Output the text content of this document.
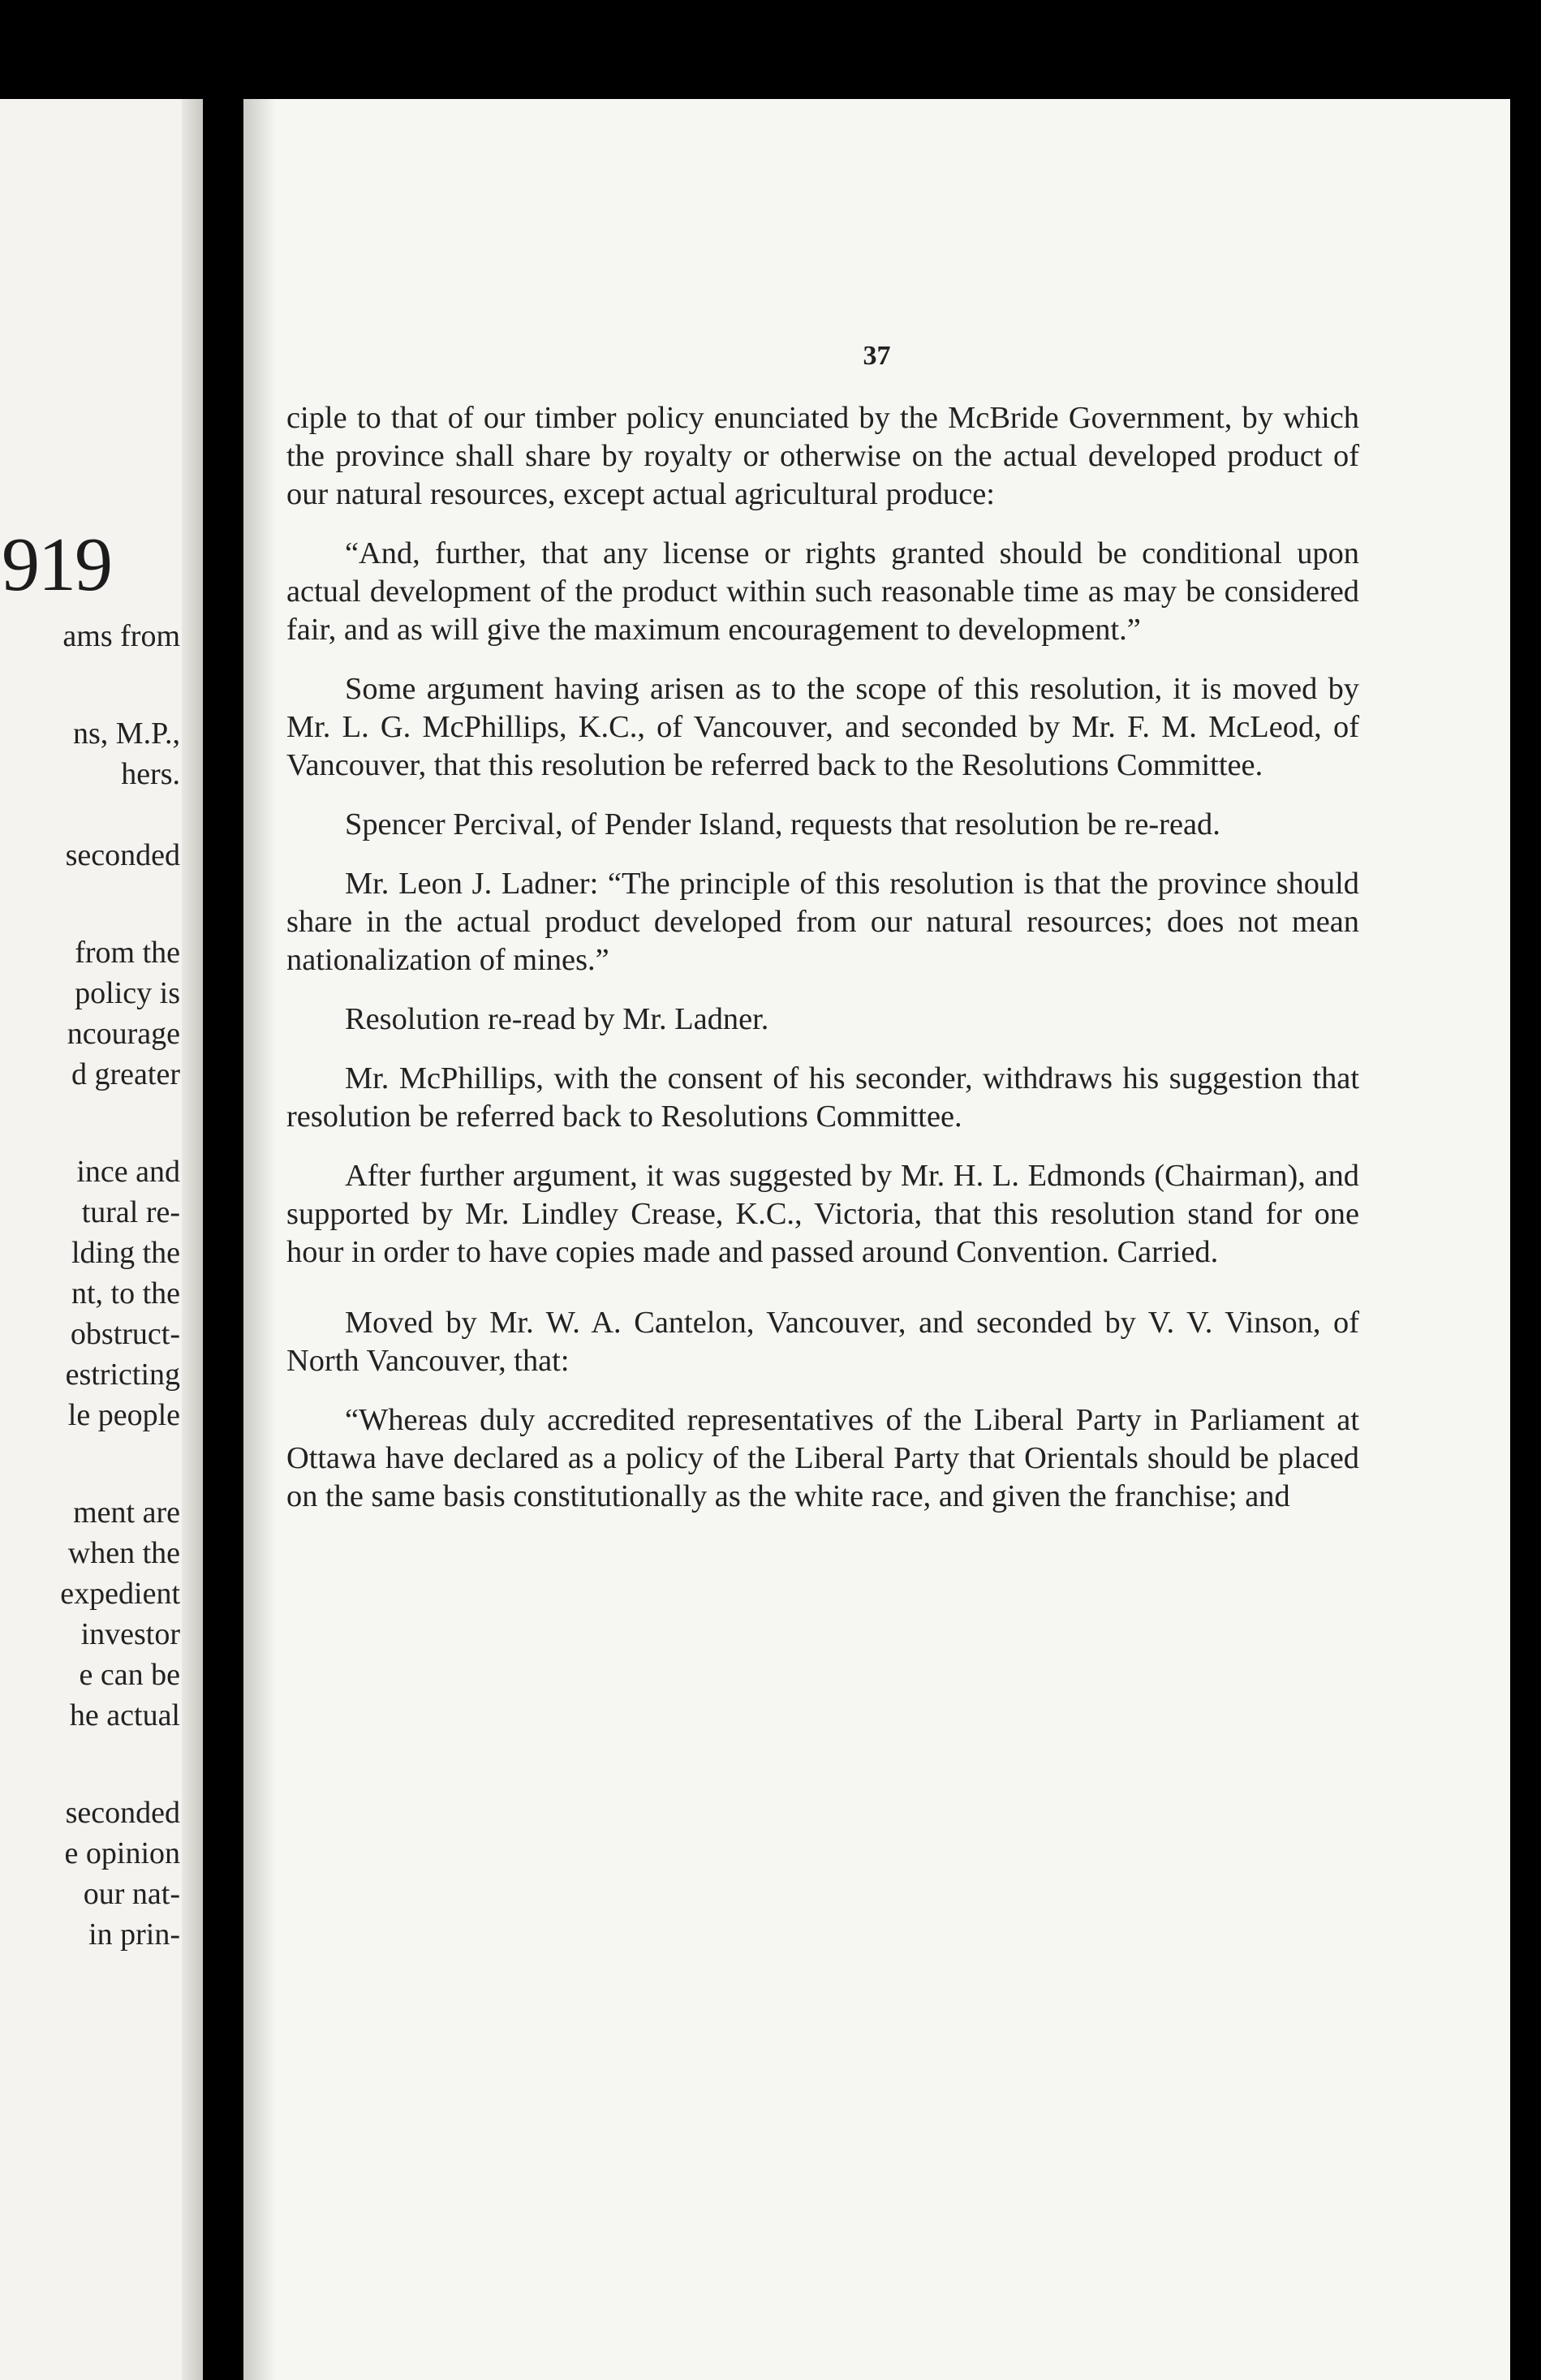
919
ams from
ns, M.P.,
hers.
seconded
from the
policy is
ncourage
d greater
ince and
tural re-
lding the
nt, to the
obstruct-
estricting
le people
ment are
when the
expedient
investor
e can be
he actual
seconded
e opinion
our nat-
in prin-

37

ciple to that of our timber policy enunciated by the McBride Government, by which the province shall share by royalty or otherwise on the actual developed product of our natural resources, except actual agricultural produce:

“And, further, that any license or rights granted should be conditional upon actual development of the product within such reasonable time as may be considered fair, and as will give the maximum encouragement to development.”

Some argument having arisen as to the scope of this resolution, it is moved by Mr. L. G. McPhillips, K.C., of Vancouver, and seconded by Mr. F. M. McLeod, of Vancouver, that this resolution be referred back to the Resolutions Committee.

Spencer Percival, of Pender Island, requests that resolution be re-read.

Mr. Leon J. Ladner: “The principle of this resolution is that the province should share in the actual product developed from our natural resources; does not mean nationalization of mines.”

Resolution re-read by Mr. Ladner.

Mr. McPhillips, with the consent of his seconder, withdraws his suggestion that resolution be referred back to Resolutions Committee.

After further argument, it was suggested by Mr. H. L. Edmonds (Chairman), and supported by Mr. Lindley Crease, K.C., Victoria, that this resolution stand for one hour in order to have copies made and passed around Convention. Carried.

Moved by Mr. W. A. Cantelon, Vancouver, and seconded by V. V. Vinson, of North Vancouver, that:

“Whereas duly accredited representatives of the Liberal Party in Parliament at Ottawa have declared as a policy of the Liberal Party that Orientals should be placed on the same basis constitutionally as the white race, and given the franchise; and
